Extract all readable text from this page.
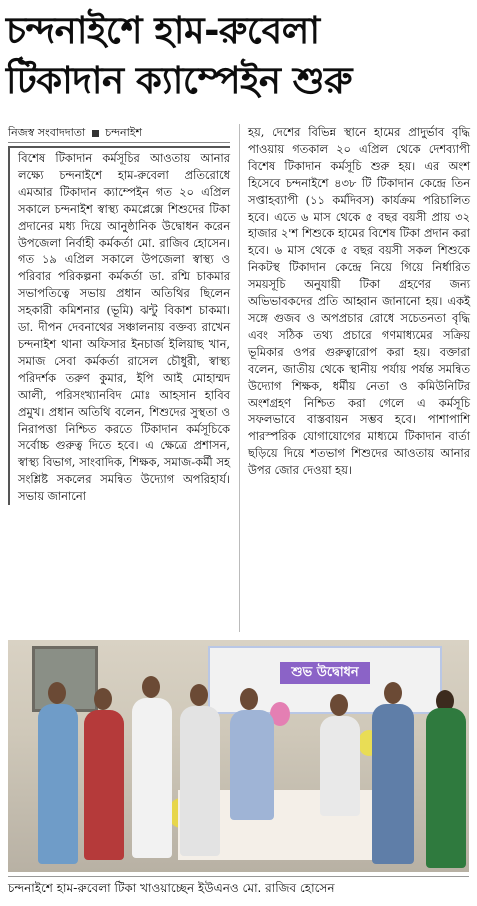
চন্দনাইশে হাম-রুবেলা
টিকাদান ক্যাম্পেইন শুরু
নিজস্ব সংবাদদাতা চন্দনাইশ

বিশেষ টিকাদান কর্মসূচির আওতায় আনার লক্ষ্যে চন্দনাইশে হাম-রুবেলা প্রতিরোধে এমআর টিকাদান ক্যাম্পেইন গত ২০ এপ্রিল সকালে চন্দনাইশ স্বাস্থ্য কমপ্লেক্সে শিশুদের টিকা প্রদানের মধ্য দিয়ে আনুষ্ঠানিক উদ্বোধন করেন উপজেলা নির্বাহী কর্মকর্তা মো. রাজিব হোসেন। গত ১৯ এপ্রিল সকালে উপজেলা স্বাস্থ্য ও পরিবার পরিকল্পনা কর্মকর্তা ডা. রশ্মি চাকমার সভাপতিত্বে সভায় প্রধান অতিথির ছিলেন সহকারী কমিশনার (ভূমি) ঝন্টু বিকাশ চাকমা। ডা. দীপন দেবনাথের সঞ্চালনায় বক্তব্য রাখেন চন্দনাইশ থানা অফিসার ইনচার্জ ইলিয়াছ খান, সমাজ সেবা কর্মকর্তা রাসেল চৌধুরী, স্বাস্থ্য পরিদর্শক তরুণ কুমার, ইপি আই মোহাম্মদ আলী, পরিসংখ্যানবিদ মোঃ আহসান হাবিব প্রমুখ। প্রধান অতিথি বলেন, শিশুদের সুস্থতা ও নিরাপত্তা নিশ্চিত করতে টিকাদান কর্মসূচিকে সর্বোচ্চ গুরুত্ব দিতে হবে। এ ক্ষেত্রে প্রশাসন, স্বাস্থ্য বিভাগ, সাংবাদিক, শিক্ষক, সমাজ-কর্মী সহ সংশ্লিষ্ট সকলের সমন্বিত উদ্যোগ অপরিহার্য। সভায় জানানো

হয়, দেশের বিভিন্ন স্থানে হামের প্রাদুর্ভাব বৃদ্ধি পাওয়ায় গতকাল ২০ এপ্রিল থেকে দেশব্যাপী বিশেষ টিকাদান কর্মসূচি শুরু হয়। এর অংশ হিসেবে চন্দনাইশে ৪৩৮ টি টিকাদান কেন্দ্রে তিন সপ্তাহব্যাপী (১১ কর্মদিবস) কার্যক্রম পরিচালিত হবে। এতে ৬ মাস থেকে ৫ বছর বয়সী প্রায় ৩২ হাজার ২'শ শিশুকে হামের বিশেষ টিকা প্রদান করা হবে। ৬ মাস থেকে ৫ বছর বয়সী সকল শিশুকে নিকটস্থ টিকাদান কেন্দ্রে নিয়ে গিয়ে নির্ধারিত সময়সূচি অনুযায়ী টিকা গ্রহণের জন্য অভিভাবকদের প্রতি আহ্বান জানানো হয়। একই সঙ্গে গুজব ও অপপ্রচার রোধে সচেতনতা বৃদ্ধি এবং সঠিক তথ্য প্রচারে গণমাধ্যমের সক্রিয় ভূমিকার ওপর গুরুত্বারোপ করা হয়। বক্তারা বলেন, জাতীয় থেকে স্থানীয় পর্যায় পর্যন্ত সমন্বিত উদ্যোগ শিক্ষক, ধর্মীয় নেতা ও কমিউনিটির অংশগ্রহণ নিশ্চিত করা গেলে এ কর্মসূচি সফলভাবে বাস্তবায়ন সম্ভব হবে। পাশাপাশি পারস্পরিক যোগাযোগের মাধ্যমে টিকাদান বার্তা ছড়িয়ে দিয়ে শতভাগ শিশুদের আওতায় আনার উপর জোর দেওয়া হয়।

শুভ উদ্বোধন
চন্দনাইশে হাম-রুবেলা টিকা খাওয়াচ্ছেন ইউএনও মো. রাজিব হোসেন
